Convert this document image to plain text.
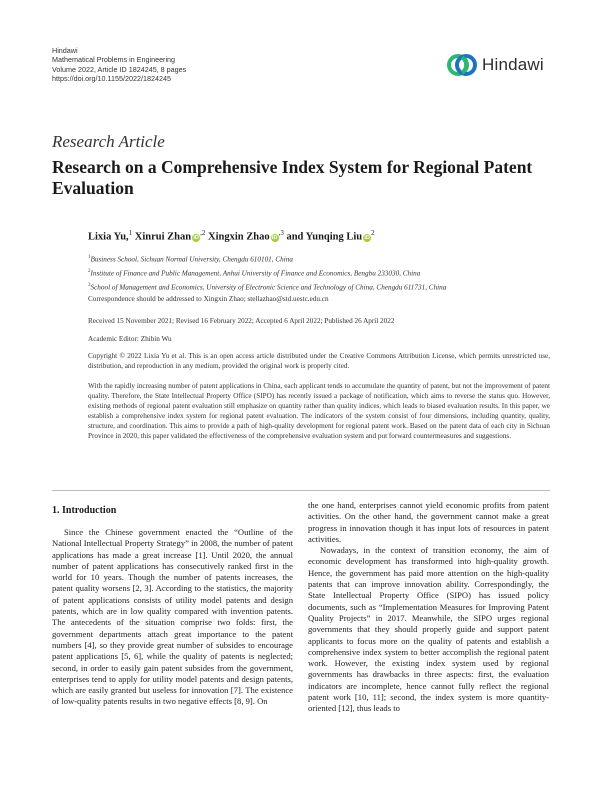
Hindawi
Mathematical Problems in Engineering
Volume 2022, Article ID 1824245, 8 pages
https://doi.org/10.1155/2022/1824245
Hindawi
Research Article
Research on a Comprehensive Index System for Regional Patent Evaluation
Lixia Yu,$^1$ Xinrui Zhan $iD^{,2}$ Xingxin Zhao $iD^{,3}$ and Yunqing Liu $iD^2$
$^1$Business School, Sichuan Normal University, Chengdu 610101, China
$^2$Institute of Finance and Public Management, Anhui University of Finance and Economics, Bengbu 233030, China
$^3$School of Management and Economics, University of Electronic Science and Technology of China, Chengdu 611731, China
Correspondence should be addressed to Xingxin Zhao; stellazhao@std.uestc.edu.cn
Received 15 November 2021; Revised 16 February 2022; Accepted 6 April 2022; Published 26 April 2022
Academic Editor: Zhibin Wu
Copyright © 2022 Lixia Yu et al. This is an open access article distributed under the Creative Commons Attribution License, which permits unrestricted use, distribution, and reproduction in any medium, provided the original work is properly cited.
With the rapidly increasing number of patent applications in China, each applicant tends to accumulate the quantity of patent, but not the improvement of patent quality. Therefore, the State Intellectual Property Office (SIPO) has recently issued a package of notification, which aims to reverse the status quo. However, existing methods of regional patent evaluation still emphasize on quantity rather than quality indices, which leads to biased evaluation results. In this paper, we establish a comprehensive index system for regional patent evaluation. The indicators of the system consist of four dimensions, including quantity, quality, structure, and coordination. This aims to provide a path of high-quality development for regional patent work. Based on the patent data of each city in Sichuan Province in 2020, this paper validated the effectiveness of the comprehensive evaluation system and put forward countermeasures and suggestions.
1. Introduction

Since the Chinese government enacted the “Outline of the National Intellectual Property Strategy” in 2008, the number of patent applications has made a great increase [1]. Until 2020, the annual number of patent applications has consecutively ranked first in the world for 10 years. Though the number of patents increases, the patent quality worsens [2, 3]. According to the statistics, the majority of patent applications consists of utility model patents and design patents, which are in low quality compared with invention patents. The antecedents of the situation comprise two folds: first, the government departments attach great importance to the patent numbers [4], so they provide great number of subsides to encourage patent applications [5, 6], while the quality of patents is neglected; second, in order to easily gain patent subsides from the government, enterprises tend to apply for utility model patents and design patents, which are easily granted but useless for innovation [7]. The existence of low-quality patents results in two negative effects [8, 9]. On

the one hand, enterprises cannot yield economic profits from patent activities. On the other hand, the government cannot make a great progress in innovation though it has input lots of resources in patent activities.

Nowadays, in the context of transition economy, the aim of economic development has transformed into high-quality growth. Hence, the government has paid more attention on the high-quality patents that can improve innovation ability. Correspondingly, the State Intellectual Property Office (SIPO) has issued policy documents, such as “Implementation Measures for Improving Patent Quality Projects” in 2017. Meanwhile, the SIPO urges regional governments that they should properly guide and support patent applicants to focus more on the quality of patents and establish a comprehensive index system to better accomplish the regional patent work. However, the existing index system used by regional governments has drawbacks in three aspects: first, the evaluation indicators are incomplete, hence cannot fully reflect the regional patent work [10, 11]; second, the index system is more quantity-oriented [12], thus leads to
